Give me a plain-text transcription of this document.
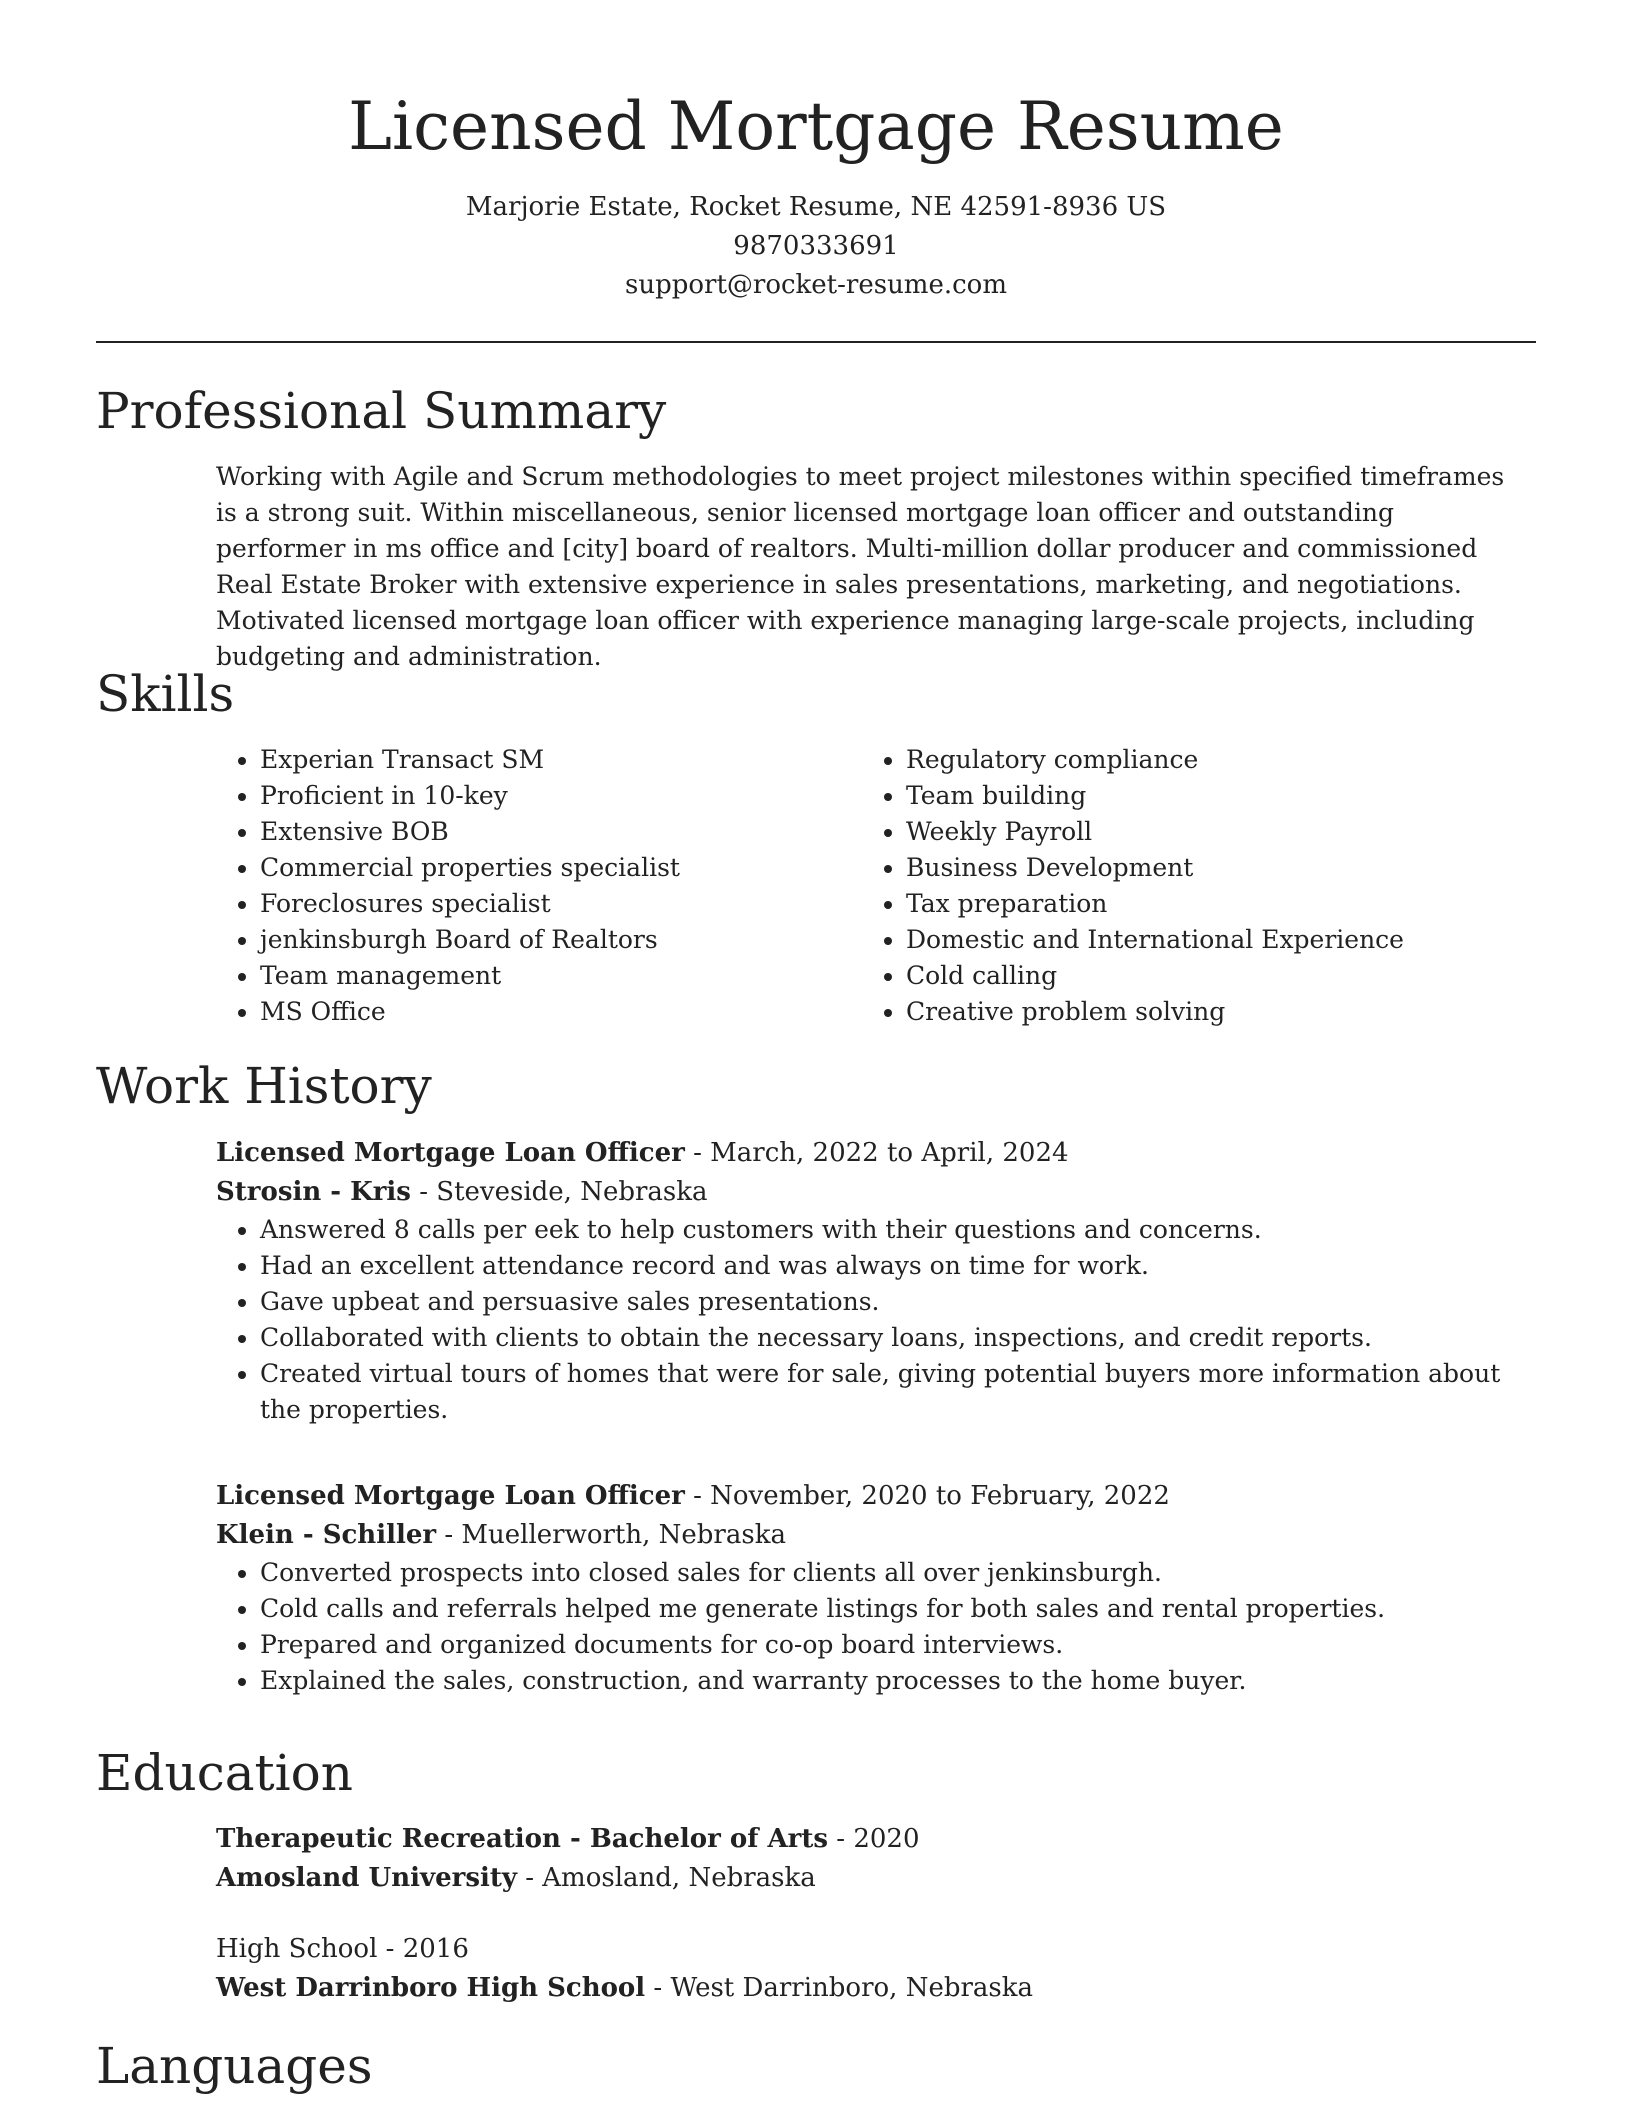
Licensed Mortgage Resume

Marjorie Estate, Rocket Resume, NE 42591-8936 US

9870333691

support@rocket-resume.com

Professional Summary

Working with Agile and Scrum methodologies to meet project milestones within specified timeframes is a strong suit. Within miscellaneous, senior licensed mortgage loan officer and outstanding performer in ms office and [city] board of realtors. Multi-million dollar producer and commissioned Real Estate Broker with extensive experience in sales presentations, marketing, and negotiations. Motivated licensed mortgage loan officer with experience managing large-scale projects, including budgeting and administration.

Skills
• Experian Transact SM
• Proficient in 10-key
• Extensive BOB
• Commercial properties specialist
• Foreclosures specialist
• jenkinsburgh Board of Realtors
• Team management
• MS Office
• Regulatory compliance
• Team building
• Weekly Payroll
• Business Development
• Tax preparation
• Domestic and International Experience
• Cold calling
• Creative problem solving
Work History

Licensed Mortgage Loan Officer - March, 2022 to April, 2024

Strosin - Kris - Steveside, Nebraska

• Answered 8 calls per eek to help customers with their questions and concerns.
• Had an excellent attendance record and was always on time for work.
• Gave upbeat and persuasive sales presentations.
• Collaborated with clients to obtain the necessary loans, inspections, and credit reports.
• Created virtual tours of homes that were for sale, giving potential buyers more information about the properties.

Licensed Mortgage Loan Officer - November, 2020 to February, 2022

Klein - Schiller - Muellerworth, Nebraska

• Converted prospects into closed sales for clients all over jenkinsburgh.
• Cold calls and referrals helped me generate listings for both sales and rental properties.
• Prepared and organized documents for co-op board interviews.
• Explained the sales, construction, and warranty processes to the home buyer.
Education

Therapeutic Recreation - Bachelor of Arts - 2020

Amosland University - Amosland, Nebraska

High School - 2016

West Darrinboro High School - West Darrinboro, Nebraska

Languages
